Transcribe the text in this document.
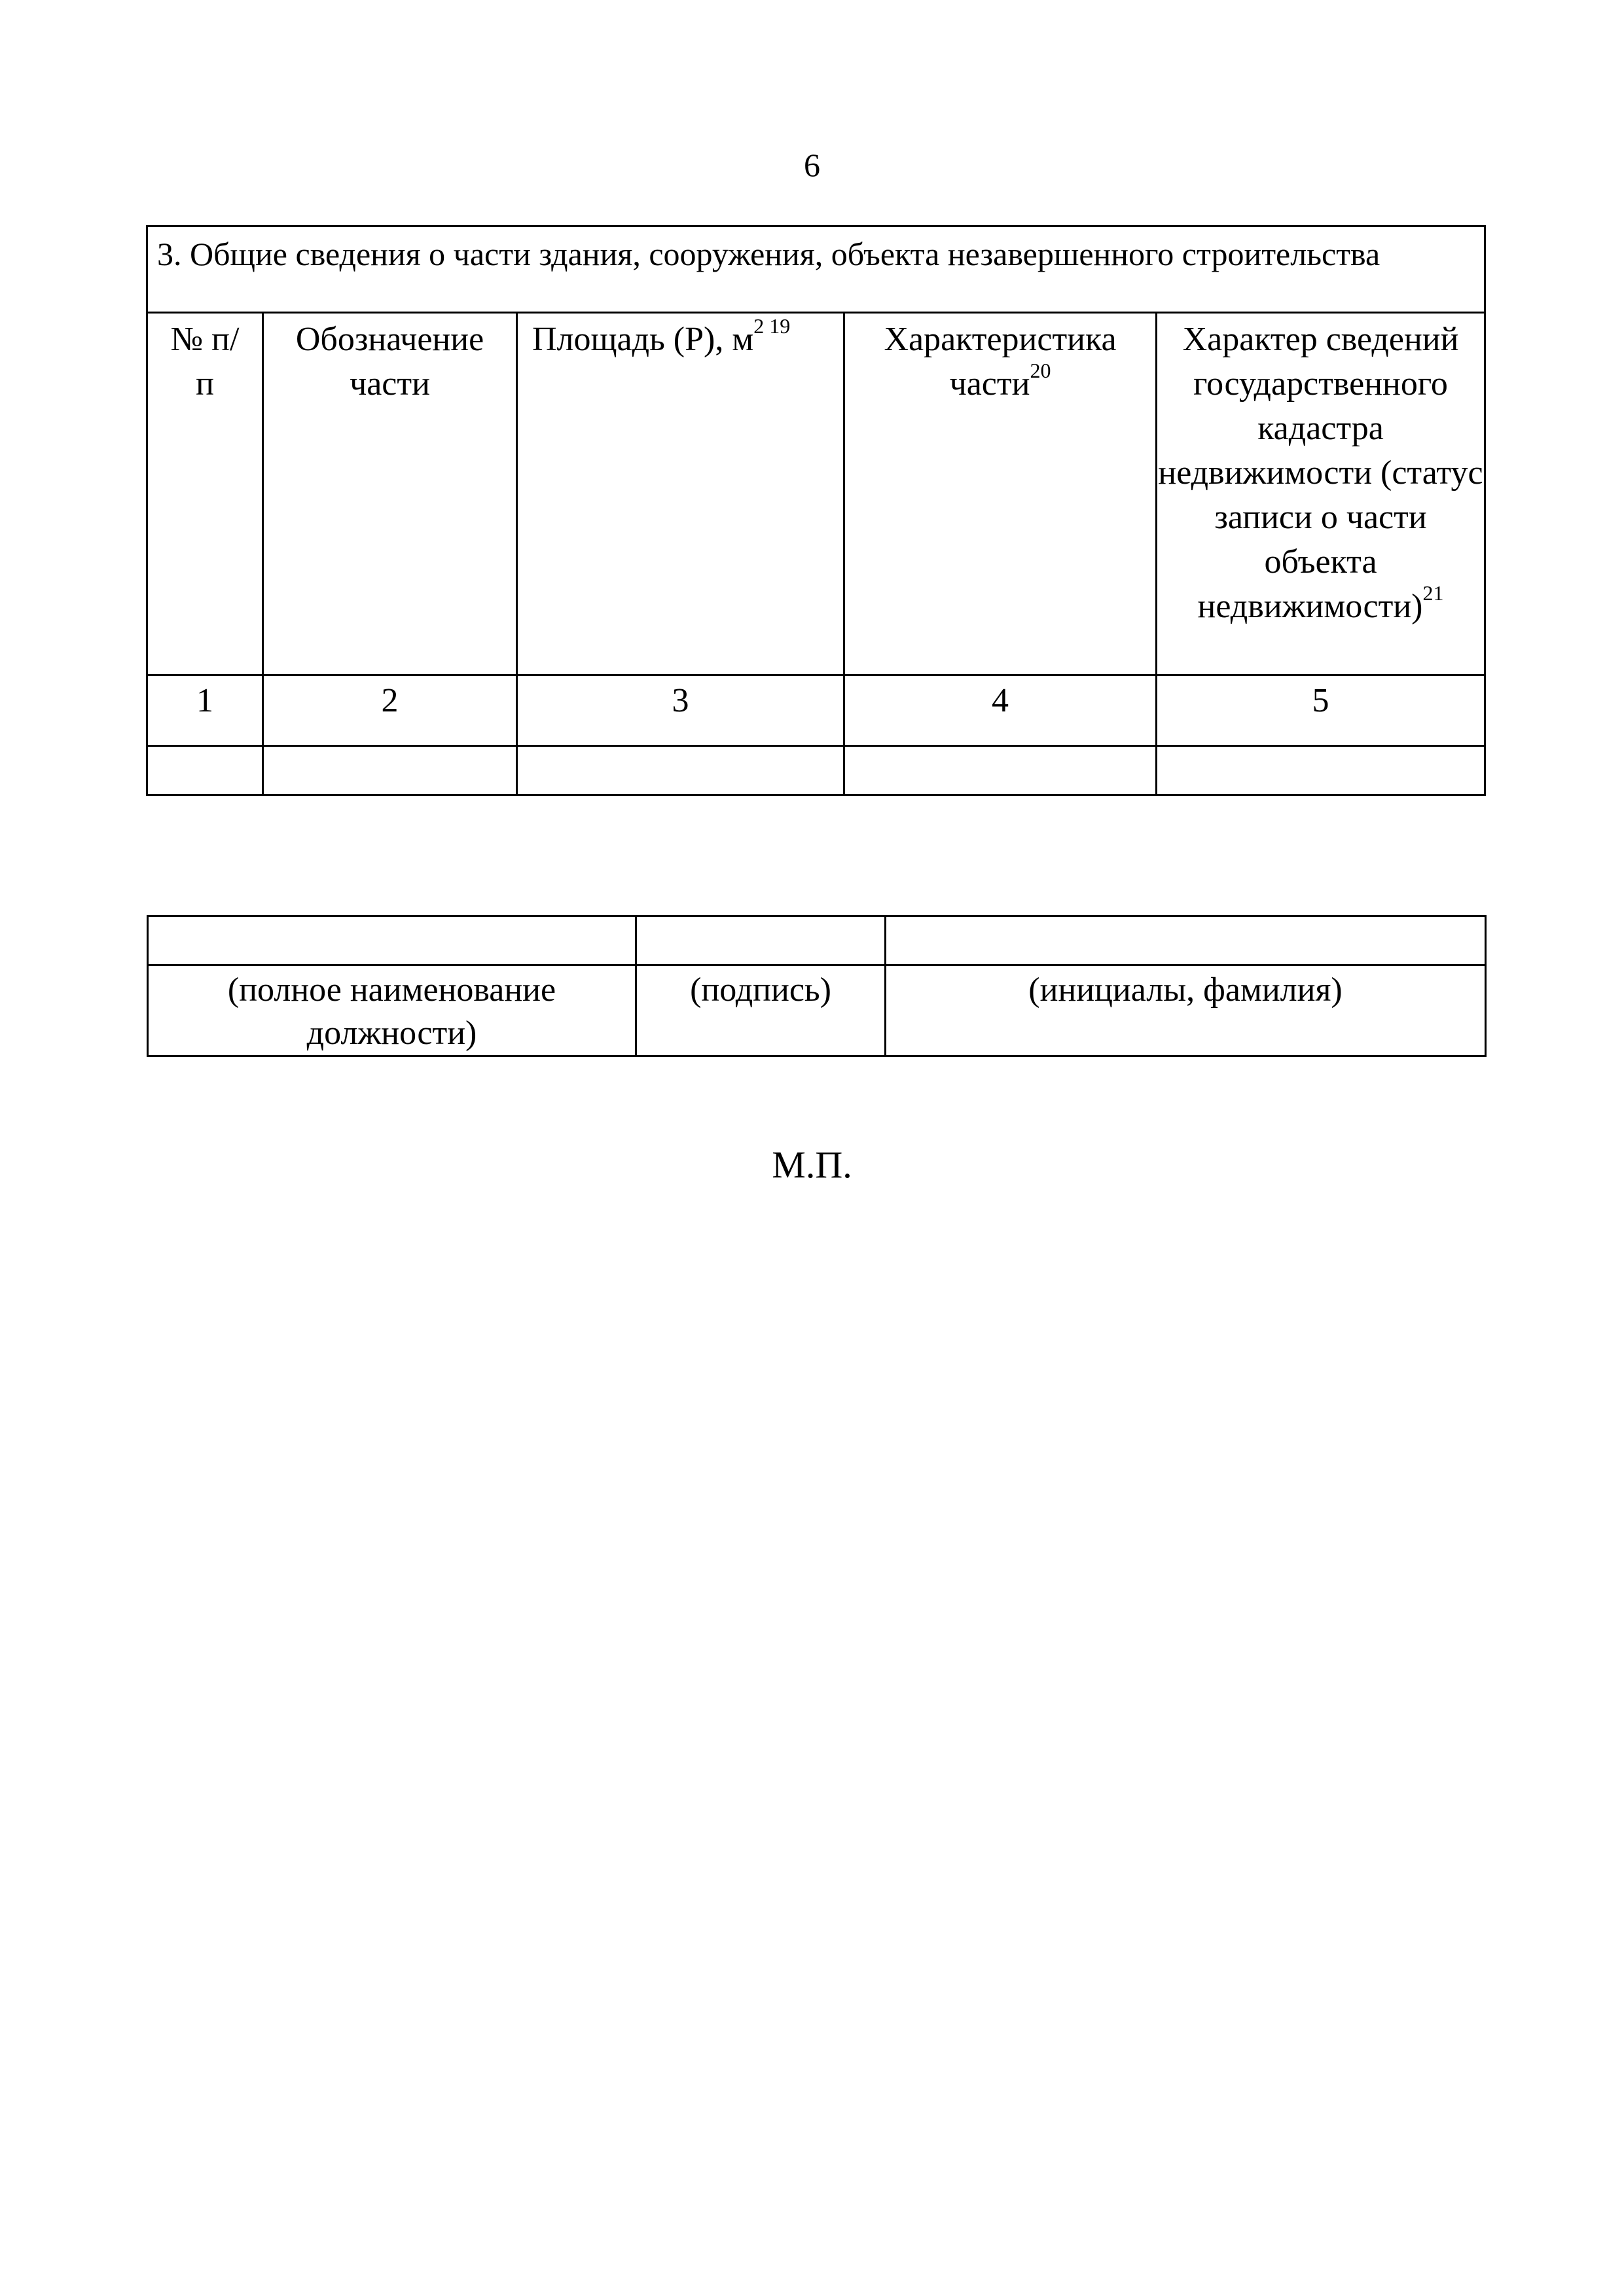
6
3. Общие сведения о части здания, сооружения, объекта незавершенного строительства				

№ п/п	Обозначение части	Площадь (Р), $м^{2 19}$	Характеристика части$^{20}$	Характер сведений государственного кадастра недвижимости (статус записи о части объекта недвижимости)$^{21}$
1	2	3	4	5

(полное наименование должности)	(подпись)	(инициалы, фамилия)
М.П.
